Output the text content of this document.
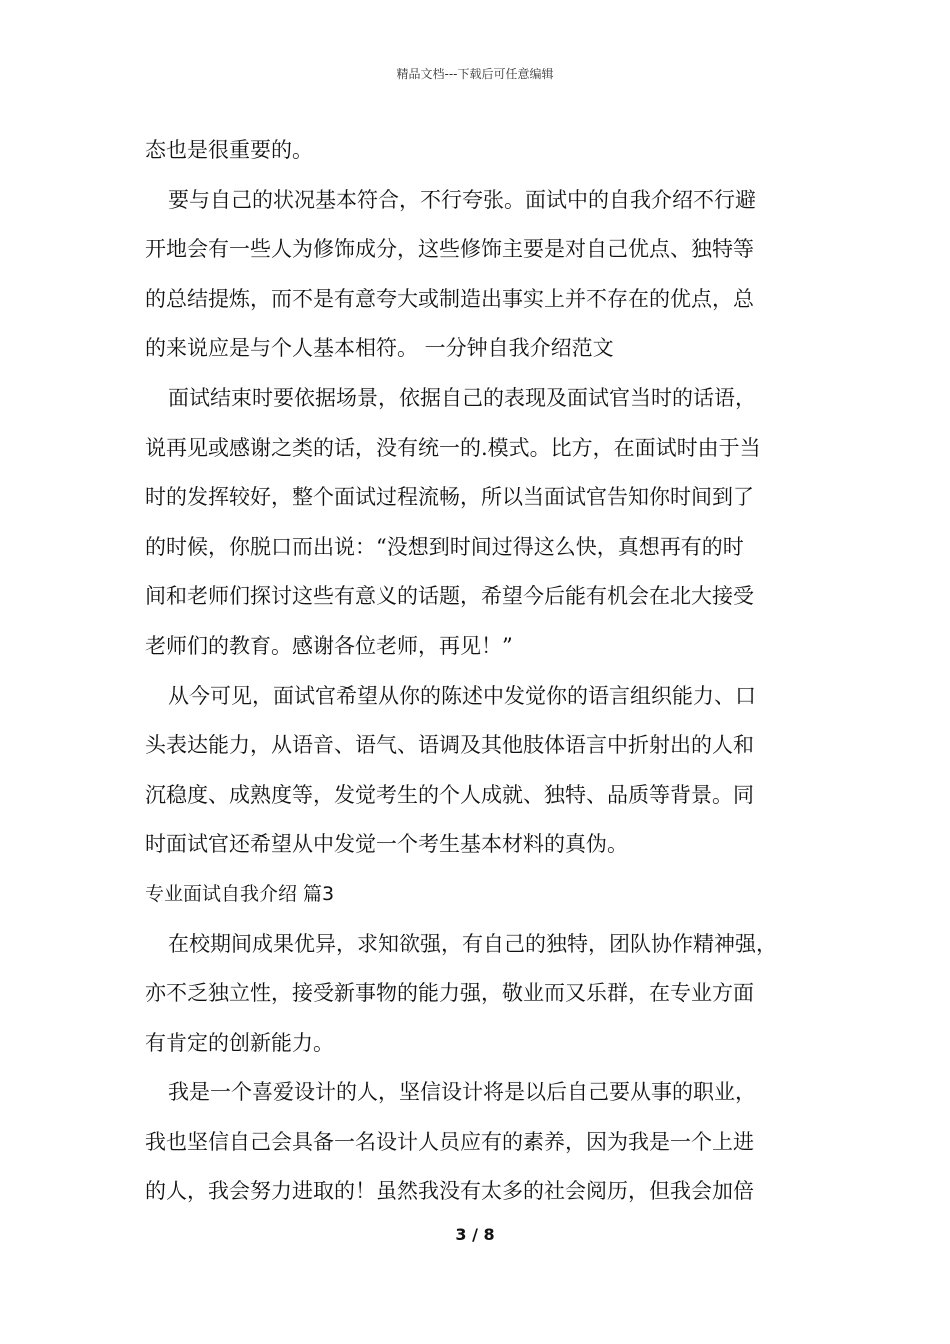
精品文档---下载后可任意编辑
态也是很重要的。
要与自己的状况基本符合，不行夸张。面试中的自我介绍不行避
开地会有一些人为修饰成分，这些修饰主要是对自己优点、独特等
的总结提炼，而不是有意夸大或制造出事实上并不存在的优点，总
的来说应是与个人基本相符。 一分钟自我介绍范文
面试结束时要依据场景，依据自己的表现及面试官当时的话语，
说再见或感谢之类的话，没有统一的.模式。比方，在面试时由于当
时的发挥较好，整个面试过程流畅，所以当面试官告知你时间到了
的时候，你脱口而出说：“没想到时间过得这么快，真想再有的时
间和老师们探讨这些有意义的话题，希望今后能有机会在北大接受
老师们的教育。感谢各位老师，再见！”
从今可见，面试官希望从你的陈述中发觉你的语言组织能力、口
头表达能力，从语音、语气、语调及其他肢体语言中折射出的人和
沉稳度、成熟度等，发觉考生的个人成就、独特、品质等背景。同
时面试官还希望从中发觉一个考生基本材料的真伪。
专业面试自我介绍 篇3
在校期间成果优异，求知欲强，有自己的独特，团队协作精神强，
亦不乏独立性，接受新事物的能力强，敬业而又乐群，在专业方面
有肯定的创新能力。
我是一个喜爱设计的人，坚信设计将是以后自己要从事的职业，
我也坚信自己会具备一名设计人员应有的素养，因为我是一个上进
的人，我会努力进取的！虽然我没有太多的社会阅历，但我会加倍
3 / 8
